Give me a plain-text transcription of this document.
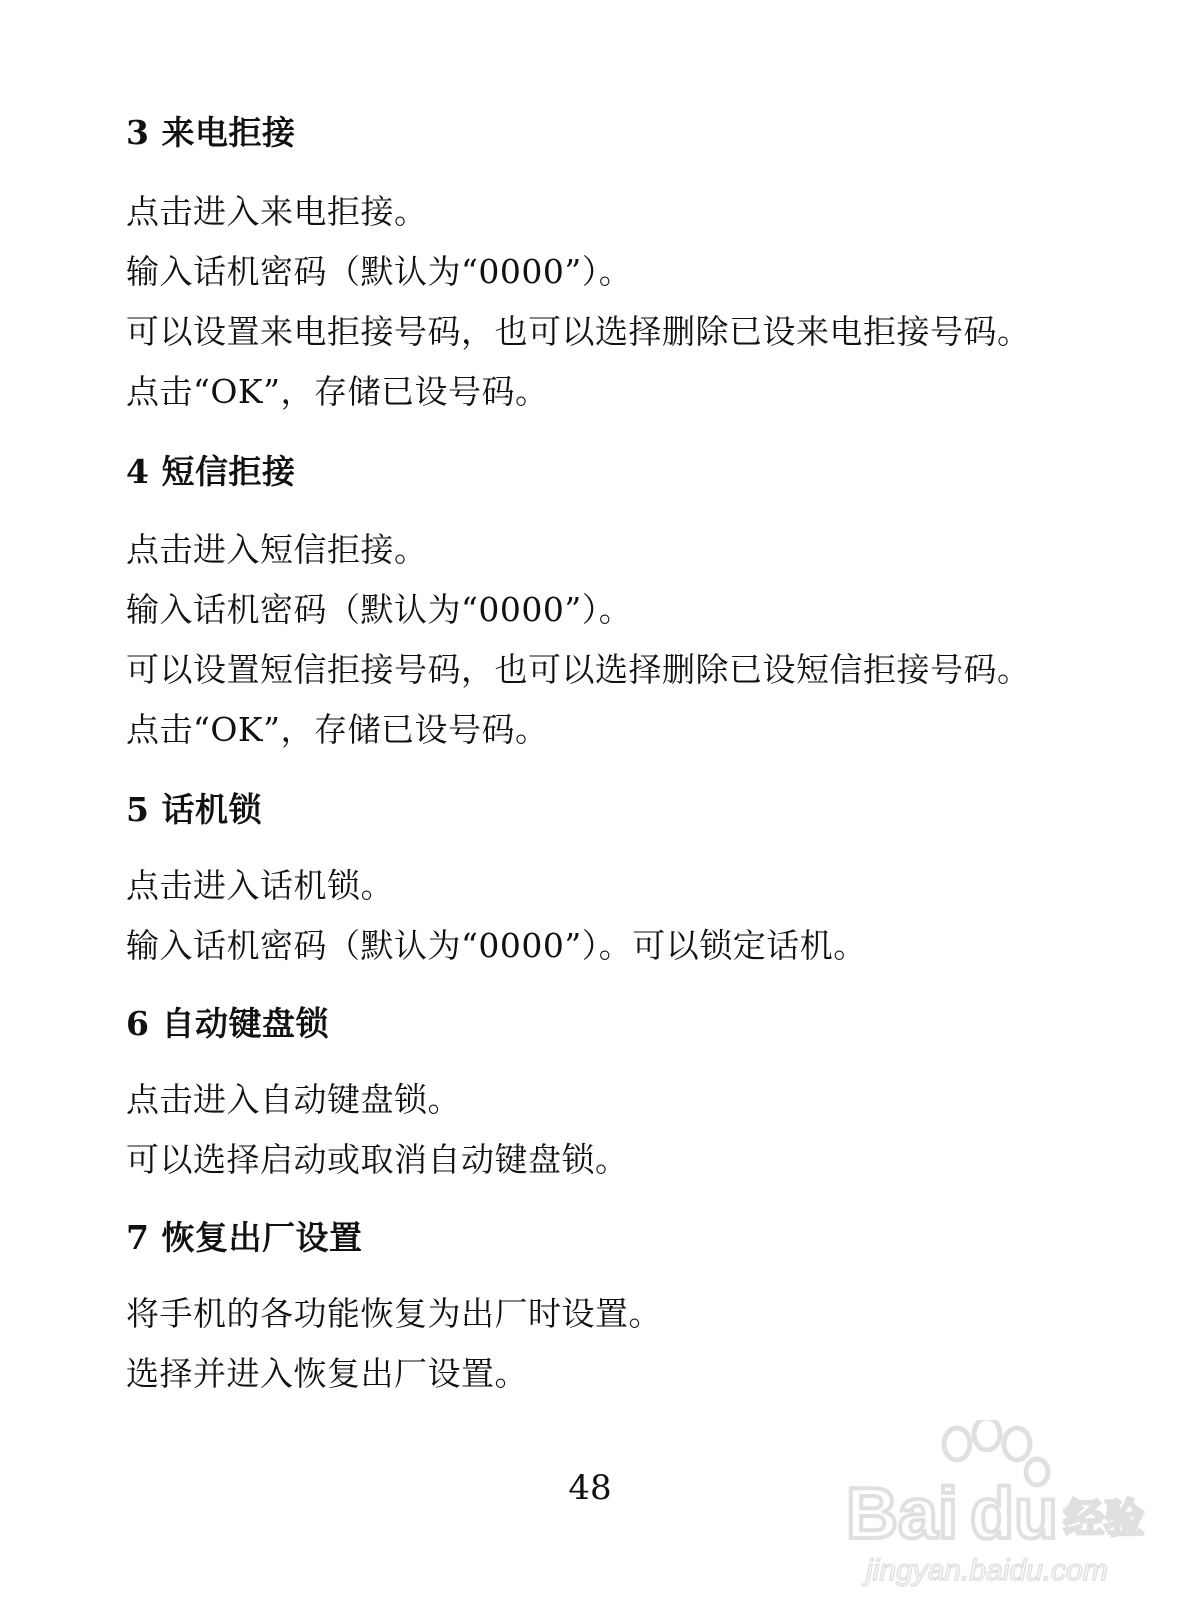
3 来电拒接
点击进入来电拒接。
输入话机密码（默认为“0000”）。
可以设置来电拒接号码，也可以选择删除已设来电拒接号码。
点击“OK”，存储已设号码。
4 短信拒接
点击进入短信拒接。
输入话机密码（默认为“0000”）。
可以设置短信拒接号码，也可以选择删除已设短信拒接号码。
点击“OK”，存储已设号码。
5 话机锁
点击进入话机锁。
输入话机密码（默认为“0000”）。可以锁定话机。
6 自动键盘锁
点击进入自动键盘锁。
可以选择启动或取消自动键盘锁。
7 恢复出厂设置
将手机的各功能恢复为出厂时设置。
选择并进入恢复出厂设置。
48	Bai du 经验
jingyan.baidu.com
